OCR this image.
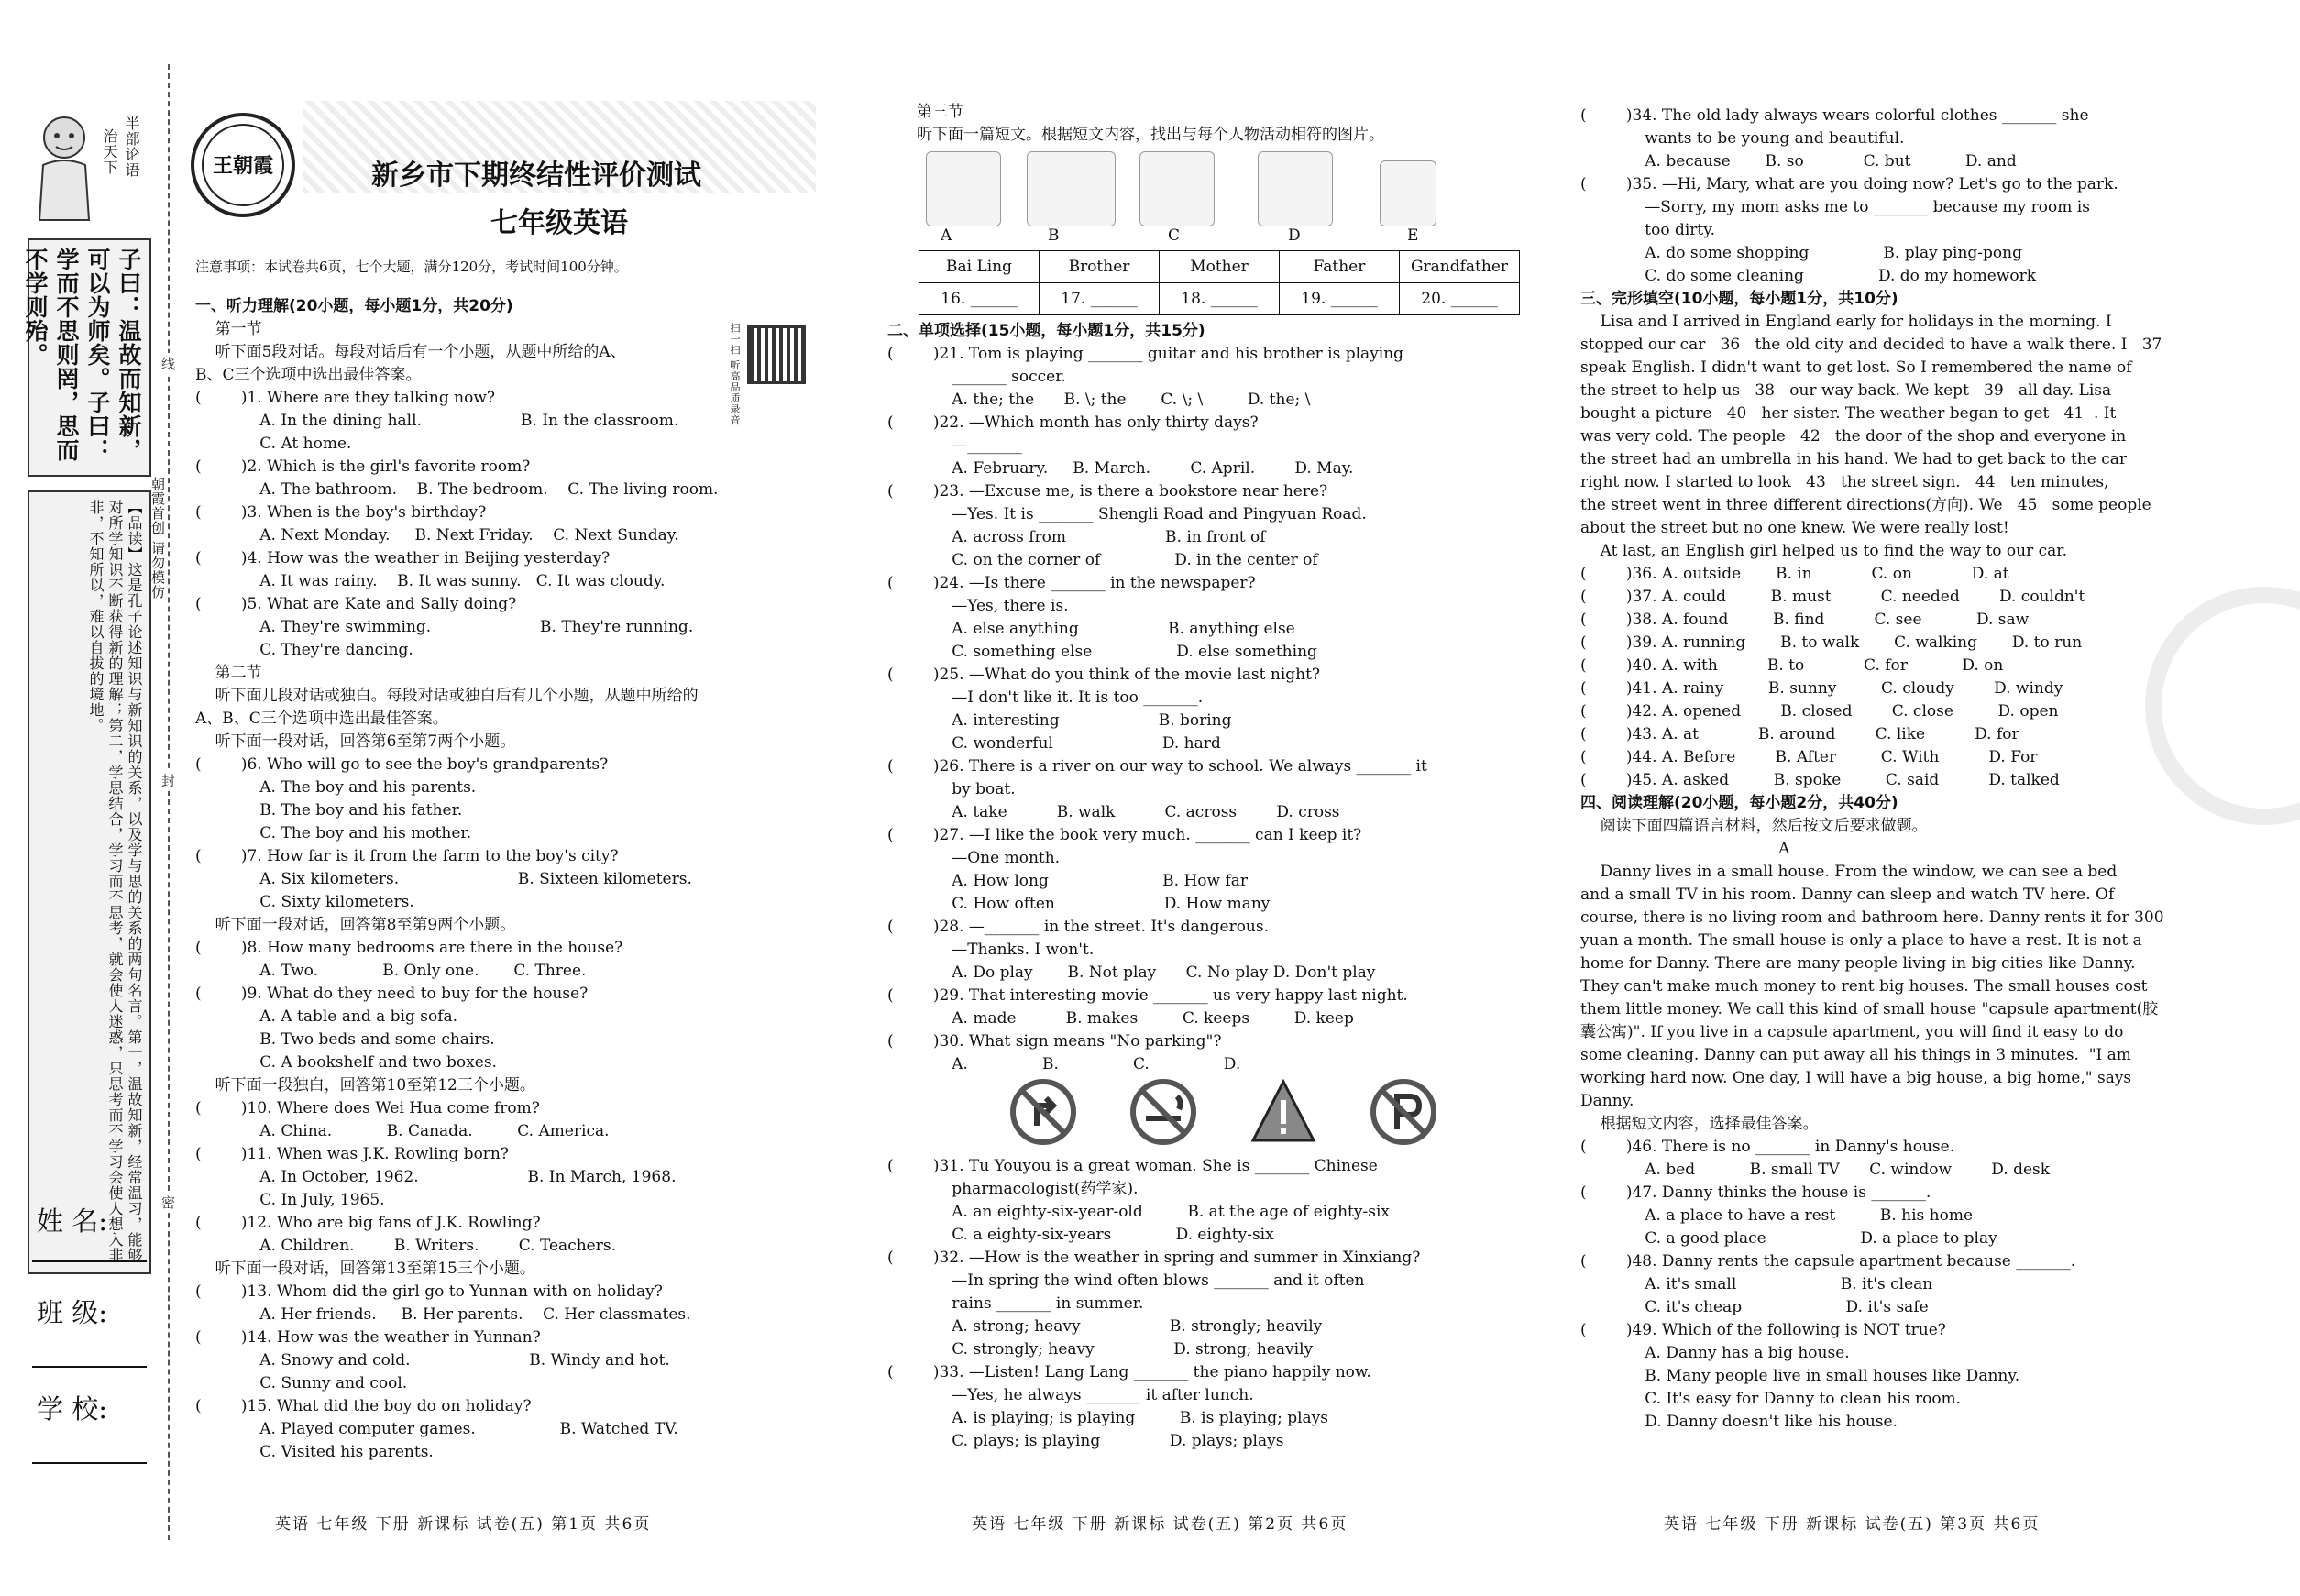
半部论语
治天下
子曰：温故而知新，可以为师矣。子曰：学而不思则罔，思而不学则殆。
【品读】这是孔子论述知识与新知识的关系，以及学与思的关系的两句名言。第一，温故知新，经常温习，能够对所学知识不断获得新的理解；第二，学思结合，学习而不思考，就会使人迷惑，只思考而不学习会使人想入非非，不知所以，难以自拔的境地。
姓 名:
班 级:
学 校:
线
封
密
朝霞首创 请勿模仿
王朝霞	新乡市下期终结性评价测试
七年级英语
注意事项：本试卷共6页，七个大题，满分120分，考试时间100分钟。
扫一扫 听高品质录音

一、听力理解(20小题，每小题1分，共20分)

第一节

听下面5段对话。每段对话后有一个小题，从题中所给的A、

B、C三个选项中选出最佳答案。

(        )1. Where are they talking now?

A. In the dining hall.                    B. In the classroom.

C. At home.

(        )2. Which is the girl's favorite room?

A. The bathroom.    B. The bedroom.    C. The living room.

(        )3. When is the boy's birthday?

A. Next Monday.     B. Next Friday.    C. Next Sunday.

(        )4. How was the weather in Beijing yesterday?

A. It was rainy.    B. It was sunny.   C. It was cloudy.

(        )5. What are Kate and Sally doing?

A. They're swimming.                      B. They're running.

C. They're dancing.

第二节

听下面几段对话或独白。每段对话或独白后有几个小题，从题中所给的

A、B、C三个选项中选出最佳答案。

听下面一段对话，回答第6至第7两个小题。

(        )6. Who will go to see the boy's grandparents?

A. The boy and his parents.

B. The boy and his father.

C. The boy and his mother.

(        )7. How far is it from the farm to the boy's city?

A. Six kilometers.                        B. Sixteen kilometers.

C. Sixty kilometers.

听下面一段对话，回答第8至第9两个小题。

(        )8. How many bedrooms are there in the house?

A. Two.             B. Only one.       C. Three.

(        )9. What do they need to buy for the house?

A. A table and a big sofa.

B. Two beds and some chairs.

C. A bookshelf and two boxes.

听下面一段独白，回答第10至第12三个小题。

(        )10. Where does Wei Hua come from?

A. China.           B. Canada.         C. America.

(        )11. When was J.K. Rowling born?

A. In October, 1962.                      B. In March, 1968.

C. In July, 1965.

(        )12. Who are big fans of J.K. Rowling?

A. Children.        B. Writers.        C. Teachers.

听下面一段对话，回答第13至第15三个小题。

(        )13. Whom did the girl go to Yunnan with on holiday?

A. Her friends.     B. Her parents.    C. Her classmates.

(        )14. How was the weather in Yunnan?

A. Snowy and cold.                        B. Windy and hot.

C. Sunny and cool.

(        )15. What did the boy do on holiday?

A. Played computer games.                 B. Watched TV.

C. Visited his parents.

第三节

听下面一篇短文。根据短文内容，找出与每个人物活动相符的图片。

A	B	C	D	E
Bai Ling	Brother	Mother	Father	Grandfather
16. ______	17. ______	18. ______	19. ______	20. ______

二、单项选择(15小题，每小题1分，共15分)

(        )21. Tom is playing _______ guitar and his brother is playing

_______ soccer.

A. the; the      B. \; the       C. \; \         D. the; \

(        )22. —Which month has only thirty days?

—_______

A. February.     B. March.        C. April.        D. May.

(        )23. —Excuse me, is there a bookstore near here?

—Yes. It is _______ Shengli Road and Pingyuan Road.

A. across from                    B. in front of

C. on the corner of               D. in the center of

(        )24. —Is there _______ in the newspaper?

—Yes, there is.

A. else anything                  B. anything else

C. something else                 D. else something

(        )25. —What do you think of the movie last night?

—I don't like it. It is too _______.

A. interesting                    B. boring

C. wonderful                      D. hard

(        )26. There is a river on our way to school. We always _______ it

by boat.

A. take          B. walk          C. across        D. cross

(        )27. —I like the book very much. _______ can I keep it?

—One month.

A. How long                       B. How far

C. How often                      D. How many

(        )28. —_______ in the street. It's dangerous.

—Thanks. I won't.

A. Do play       B. Not play      C. No play D. Don't play

(        )29. That interesting movie _______ us very happy last night.

A. made          B. makes         C. keeps         D. keep

(        )30. What sign means "No parking"?

A.               B.               C.               D.

(        )31. Tu Youyou is a great woman. She is _______ Chinese

pharmacologist(药学家).

A. an eighty-six-year-old         B. at the age of eighty-six

C. a eighty-six-years             D. eighty-six

(        )32. —How is the weather in spring and summer in Xinxiang?

—In spring the wind often blows _______ and it often

rains _______ in summer.

A. strong; heavy                  B. strongly; heavily

C. strongly; heavy                D. strong; heavily

(        )33. —Listen! Lang Lang _______ the piano happily now.

—Yes, he always _______ it after lunch.

A. is playing; is playing         B. is playing; plays

C. plays; is playing              D. plays; plays

(        )34. The old lady always wears colorful clothes _______ she

wants to be young and beautiful.

A. because       B. so            C. but           D. and

(        )35. —Hi, Mary, what are you doing now? Let's go to the park.

—Sorry, my mom asks me to _______ because my room is

too dirty.

A. do some shopping               B. play ping-pong

C. do some cleaning               D. do my homework

三、完形填空(10小题，每小题1分，共10分)

Lisa and I arrived in England early for holidays in the morning. I

stopped our car   36   the old city and decided to have a walk there. I   37

speak English. I didn't want to get lost. So I remembered the name of

the street to help us   38   our way back. We kept   39   all day. Lisa

bought a picture   40   her sister. The weather began to get   41  . It

was very cold. The people   42   the door of the shop and everyone in

the street had an umbrella in his hand. We had to get back to the car

right now. I started to look   43   the street sign.   44   ten minutes,

the street went in three different directions(方向). We   45   some people

about the street but no one knew. We were really lost!

At last, an English girl helped us to find the way to our car.

(        )36. A. outside       B. in            C. on            D. at

(        )37. A. could         B. must          C. needed        D. couldn't

(        )38. A. found         B. find          C. see           D. saw

(        )39. A. running       B. to walk       C. walking       D. to run

(        )40. A. with          B. to            C. for           D. on

(        )41. A. rainy         B. sunny         C. cloudy        D. windy

(        )42. A. opened        B. closed        C. close         D. open

(        )43. A. at            B. around        C. like          D. for

(        )44. A. Before        B. After         C. With          D. For

(        )45. A. asked         B. spoke         C. said          D. talked

四、阅读理解(20小题，每小题2分，共40分)

阅读下面四篇语言材料，然后按文后要求做题。

A

Danny lives in a small house. From the window, we can see a bed

and a small TV in his room. Danny can sleep and watch TV here. Of

course, there is no living room and bathroom here. Danny rents it for 300

yuan a month. The small house is only a place to have a rest. It is not a

home for Danny. There are many people living in big cities like Danny.

They can't make much money to rent big houses. The small houses cost

them little money. We call this kind of small house "capsule apartment(胶

囊公寓)". If you live in a capsule apartment, you will find it easy to do

some cleaning. Danny can put away all his things in 3 minutes.  "I am

working hard now. One day, I will have a big house, a big home," says

Danny.

根据短文内容，选择最佳答案。

(        )46. There is no _______ in Danny's house.

A. bed           B. small TV      C. window        D. desk

(        )47. Danny thinks the house is _______.

A. a place to have a rest         B. his home

C. a good place                   D. a place to play

(        )48. Danny rents the capsule apartment because _______.

A. it's small                     B. it's clean

C. it's cheap                     D. it's safe

(        )49. Which of the following is NOT true?

A. Danny has a big house.

B. Many people live in small houses like Danny.

C. It's easy for Danny to clean his room.

D. Danny doesn't like his house.

英语 七年级 下册 新课标 试卷(五) 第1页 共6页	英语 七年级 下册 新课标 试卷(五) 第2页 共6页	英语 七年级 下册 新课标 试卷(五) 第3页 共6页
